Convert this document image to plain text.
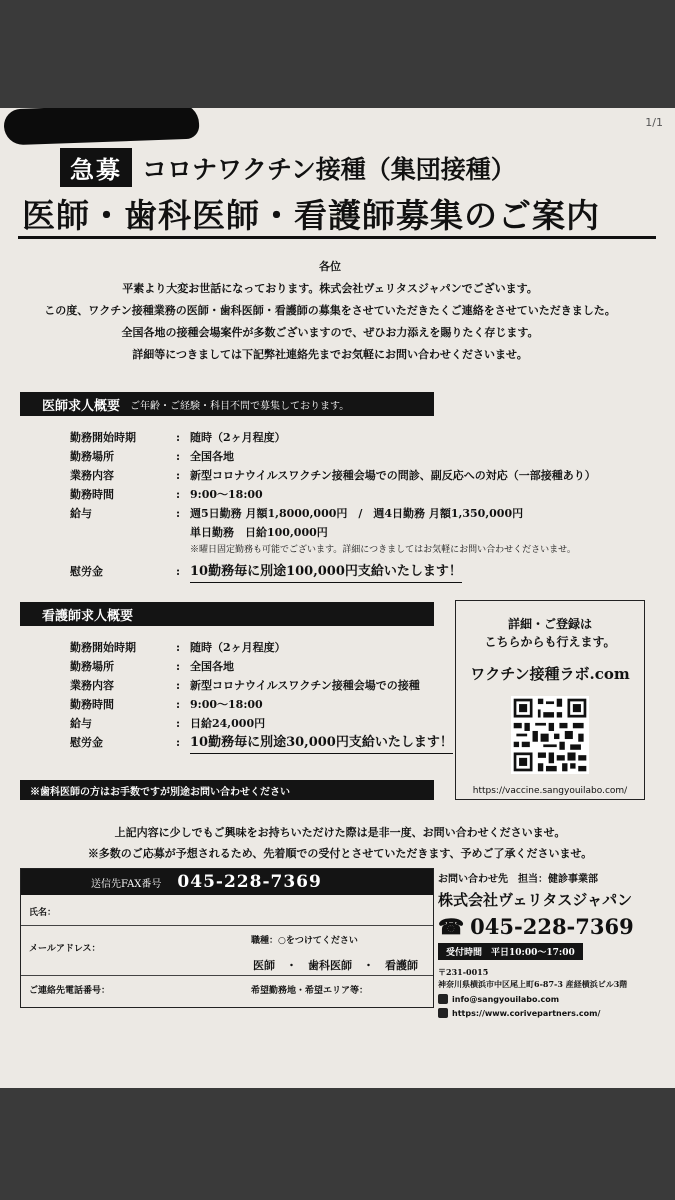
1/1
急募 コロナワクチン接種（集団接種）
医師・歯科医師・看護師募集のご案内
各位
平素より大変お世話になっております。株式会社ヴェリタスジャパンでございます。
この度、ワクチン接種業務の医師・歯科医師・看護師の募集をさせていただきたくご連絡をさせていただきました。
全国各地の接種会場案件が多数ございますので、ぜひお力添えを賜りたく存じます。
詳細等につきましては下記弊社連絡先までお気軽にお問い合わせくださいませ。
医師求人概要 ご年齢・ご経験・科目不問で募集しております。
勤務開始時期	: 随時（2ヶ月程度）
勤務場所	: 全国各地
業務内容	: 新型コロナウイルスワクチン接種会場での問診、副反応への対応（一部接種あり）
勤務時間	: 9:00〜18:00
給与	: 週5日勤務 月額1,8000,000円　/　週4日勤務 月額1,350,000円
単日勤務　日給100,000円
※曜日固定勤務も可能でございます。詳細につきましてはお気軽にお問い合わせくださいませ。
慰労金	: 10勤務毎に別途100,000円支給いたします！
看護師求人概要
勤務開始時期	: 随時（2ヶ月程度）
勤務場所	: 全国各地
業務内容	: 新型コロナウイルスワクチン接種会場での接種
勤務時間	: 9:00〜18:00
給与	: 日給24,000円
慰労金	: 10勤務毎に別途30,000円支給いたします！
※歯科医師の方はお手数ですが別途お問い合わせください
詳細・ご登録は
こちらからも行えます。
ワクチン接種ラボ.com
https://vaccine.sangyouilabo.com/
上記内容に少しでもご興味をお持ちいただけた際は是非一度、お問い合わせくださいませ。
※多数のご応募が予想されるため、先着順での受付とさせていただきます、予めご了承くださいませ。
送信先FAX番号 045-228-7369
氏名：
メールアドレス：
職種：○をつけてください
医師　・　歯科医師　・　看護師
ご連絡先電話番号：	希望勤務地・希望エリア等：
お問い合わせ先　担当：健診事業部
株式会社ヴェリタスジャパン
☎ 045-228-7369
受付時間　平日10:00〜17:00
〒231-0015
神奈川県横浜市中区尾上町6-87-3 産経横浜ビル3階
info@sangyouilabo.com
https://www.corivepartners.com/
